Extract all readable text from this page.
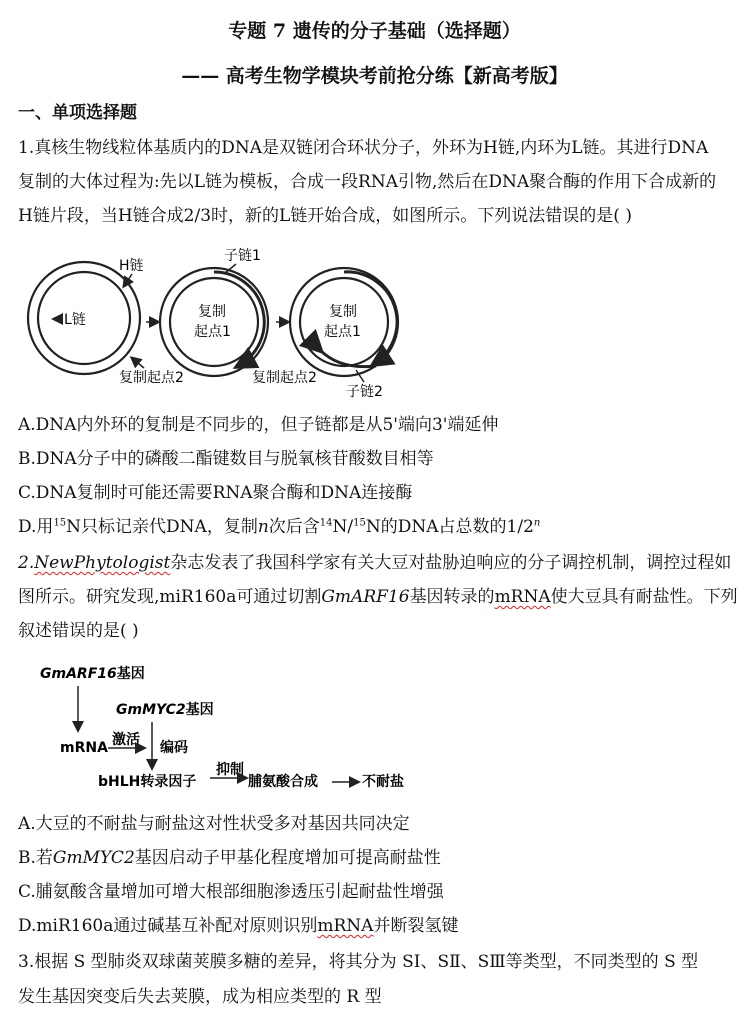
专题 7 遗传的分子基础（选择题）
—— 高考生物学模块考前抢分练【新高考版】
一、单项选择题
1.真核生物线粒体基质内的DNA是双链闭合环状分子，外环为H链,内环为L链。其进行DNA
复制的大体过程为:先以L链为模板，合成一段RNA引物,然后在DNA聚合酶的作用下合成新的
H链片段，当H链合成2/3时，新的L链开始合成，如图所示。下列说法错误的是( )
L链
H链
复制起点2
复制
起点1
子链1
复制起点2
复制
起点1
子链2
A.DNA内外环的复制是不同步的，但子链都是从5'端向3'端延伸
B.DNA分子中的磷酸二酯键数目与脱氧核苷酸数目相等
C.DNA复制时可能还需要RNA聚合酶和DNA连接酶
D.用$^{15}$N只标记亲代DNA，复制n次后含$^{14}$N/$^{15}$N的DNA占总数的1/2$^n$
2.NewPhytologist杂志发表了我国科学家有关大豆对盐胁迫响应的分子调控机制，调控过程如
图所示。研究发现,miR160a可通过切割GmARF16基因转录的mRNA使大豆具有耐盐性。下列
叙述错误的是( )
GmARF16基因
GmMYC2基因
mRNA 激活 编码
bHLH转录因子
抑制
脯氨酸合成	不耐盐
A.大豆的不耐盐与耐盐这对性状受多对基因共同决定
B.若GmMYC2基因启动子甲基化程度增加可提高耐盐性
C.脯氨酸含量增加可增大根部细胞渗透压引起耐盐性增强
D.miR160a通过碱基互补配对原则识别mRNA并断裂氢键
3.根据 S 型肺炎双球菌荚膜多糖的差异，将其分为 SⅠ、SⅡ、SⅢ等类型，不同类型的 S 型
发生基因突变后失去荚膜，成为相应类型的 R 型
